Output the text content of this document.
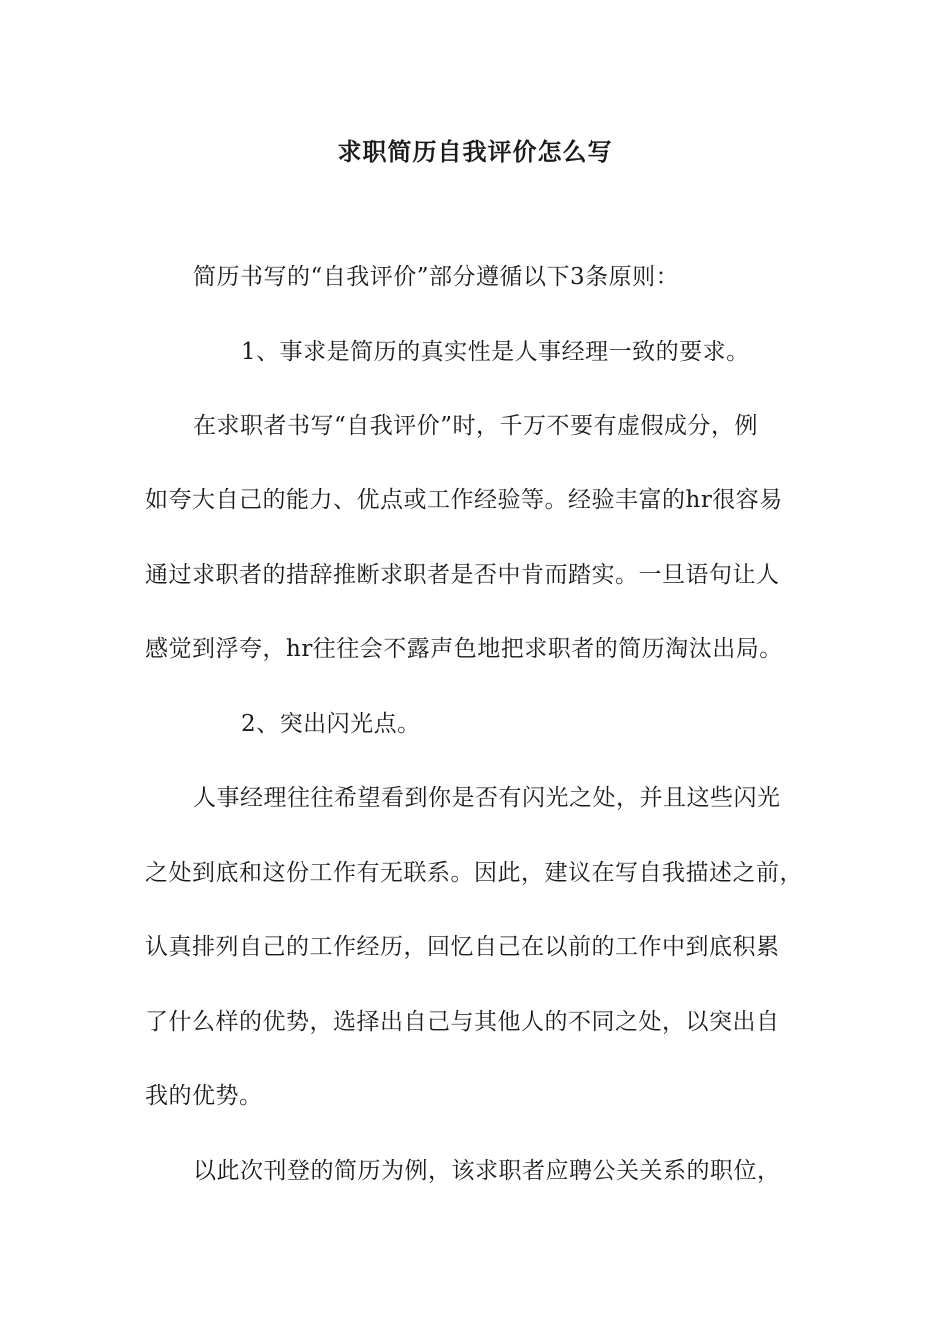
求职简历自我评价怎么写
简历书写的“自我评价”部分遵循以下3条原则：
1、事求是简历的真实性是人事经理一致的要求。
在求职者书写“自我评价”时，千万不要有虚假成分，例
如夸大自己的能力、优点或工作经验等。经验丰富的hr很容易
通过求职者的措辞推断求职者是否中肯而踏实。一旦语句让人
感觉到浮夸，hr往往会不露声色地把求职者的简历淘汰出局。
2、突出闪光点。
人事经理往往希望看到你是否有闪光之处，并且这些闪光
之处到底和这份工作有无联系。因此，建议在写自我描述之前，
认真排列自己的工作经历，回忆自己在以前的工作中到底积累
了什么样的优势，选择出自己与其他人的不同之处，以突出自
我的优势。
以此次刊登的简历为例，该求职者应聘公关关系的职位，
